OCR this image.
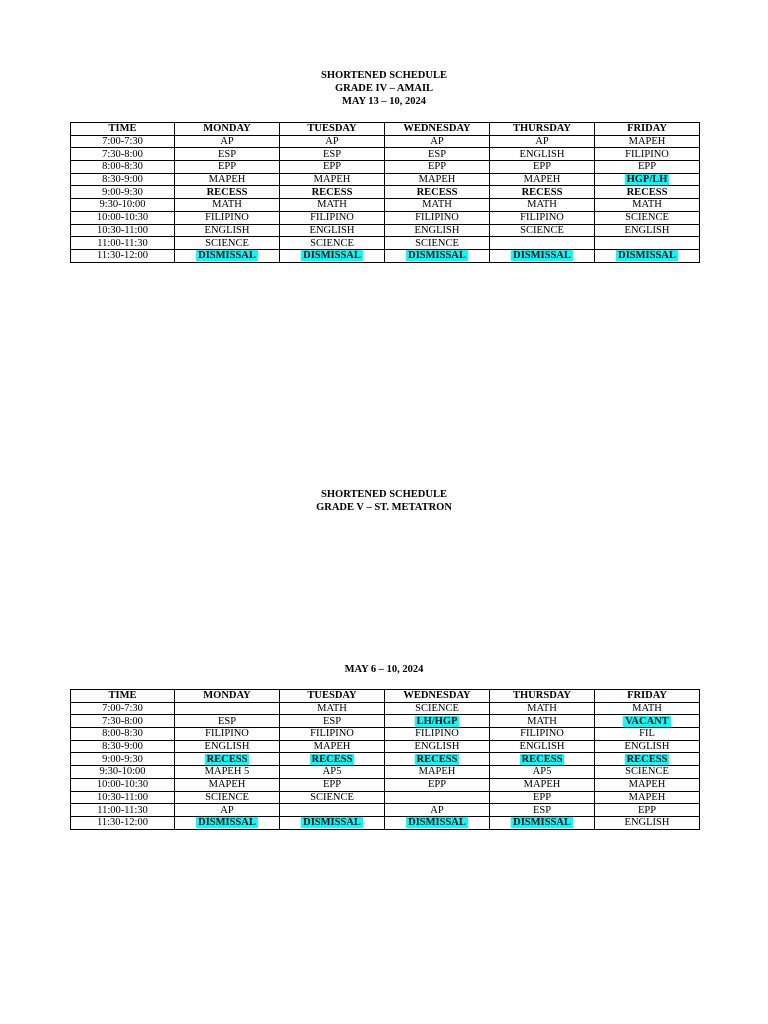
SHORTENED SCHEDULE
GRADE IV – AMAIL
MAY 13 – 10, 2024
TIME	MONDAY	TUESDAY	WEDNESDAY	THURSDAY	FRIDAY
7:00-7:30	AP	AP	AP	AP	MAPEH
7:30-8:00	ESP	ESP	ESP	ENGLISH	FILIPINO
8:00-8:30	EPP	EPP	EPP	EPP	EPP
8:30-9:00	MAPEH	MAPEH	MAPEH	MAPEH	HGP/LH
9:00-9:30	RECESS	RECESS	RECESS	RECESS	RECESS
9:30-10:00	MATH	MATH	MATH	MATH	MATH
10:00-10:30	FILIPINO	FILIPINO	FILIPINO	FILIPINO	SCIENCE
10:30-11:00	ENGLISH	ENGLISH	ENGLISH	SCIENCE	ENGLISH
11:00-11:30	SCIENCE	SCIENCE	SCIENCE		
11:30-12:00	DISMISSAL	DISMISSAL	DISMISSAL	DISMISSAL	DISMISSAL
SHORTENED SCHEDULE
GRADE V – ST. METATRON
MAY 6 – 10, 2024
TIME	MONDAY	TUESDAY	WEDNESDAY	THURSDAY	FRIDAY
7:00-7:30		MATH	SCIENCE	MATH	MATH
7:30-8:00	ESP	ESP	LH/HGP	MATH	VACANT
8:00-8:30	FILIPINO	FILIPINO	FILIPINO	FILIPINO	FIL
8:30-9:00	ENGLISH	MAPEH	ENGLISH	ENGLISH	ENGLISH
9:00-9:30	RECESS	RECESS	RECESS	RECESS	RECESS
9:30-10:00	MAPEH 5	AP5	MAPEH	AP5	SCIENCE
10:00-10:30	MAPEH	EPP	EPP	MAPEH	MAPEH
10:30-11:00	SCIENCE	SCIENCE		EPP	MAPEH
11:00-11:30	AP		AP	ESP	EPP
11:30-12:00	DISMISSAL	DISMISSAL	DISMISSAL	DISMISSAL	ENGLISH
